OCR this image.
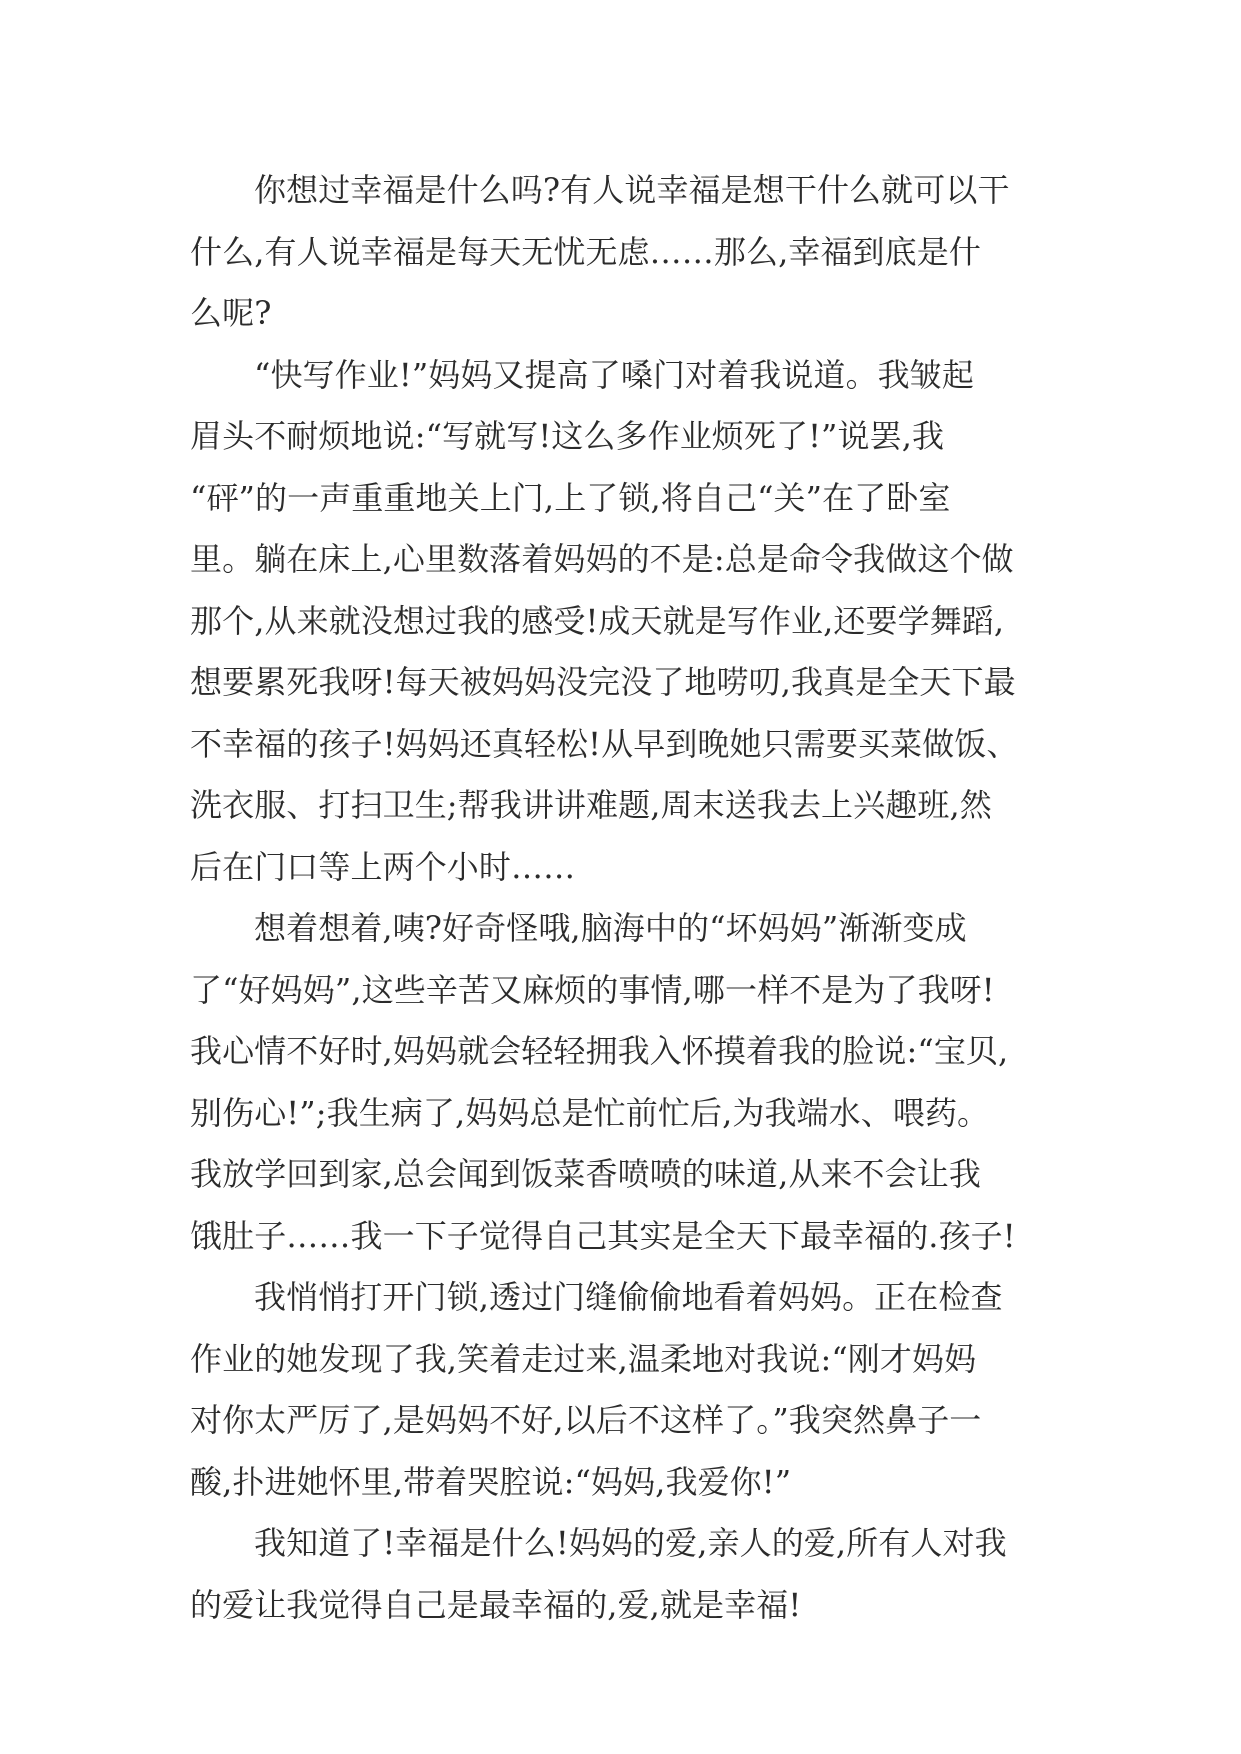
你想过幸福是什么吗?有人说幸福是想干什么就可以干
什么,有人说幸福是每天无忧无虑……那么,幸福到底是什
么呢?
“快写作业!”妈妈又提高了嗓门对着我说道。我皱起
眉头不耐烦地说:“写就写!这么多作业烦死了!”说罢,我
“砰”的一声重重地关上门,上了锁,将自己“关”在了卧室
里。躺在床上,心里数落着妈妈的不是:总是命令我做这个做
那个,从来就没想过我的感受!成天就是写作业,还要学舞蹈,
想要累死我呀!每天被妈妈没完没了地唠叨,我真是全天下最
不幸福的孩子!妈妈还真轻松!从早到晚她只需要买菜做饭、
洗衣服、打扫卫生;帮我讲讲难题,周末送我去上兴趣班,然
后在门口等上两个小时……
想着想着,咦?好奇怪哦,脑海中的“坏妈妈”渐渐变成
了“好妈妈”,这些辛苦又麻烦的事情,哪一样不是为了我呀!
我心情不好时,妈妈就会轻轻拥我入怀摸着我的脸说:“宝贝,
别伤心!”;我生病了,妈妈总是忙前忙后,为我端水、喂药。
我放学回到家,总会闻到饭菜香喷喷的味道,从来不会让我
饿肚子……我一下子觉得自己其实是全天下最幸福的.孩子!
我悄悄打开门锁,透过门缝偷偷地看着妈妈。正在检查
作业的她发现了我,笑着走过来,温柔地对我说:“刚才妈妈
对你太严厉了,是妈妈不好,以后不这样了。”我突然鼻子一
酸,扑进她怀里,带着哭腔说:“妈妈,我爱你!”
我知道了!幸福是什么!妈妈的爱,亲人的爱,所有人对我
的爱让我觉得自己是最幸福的,爱,就是幸福!
